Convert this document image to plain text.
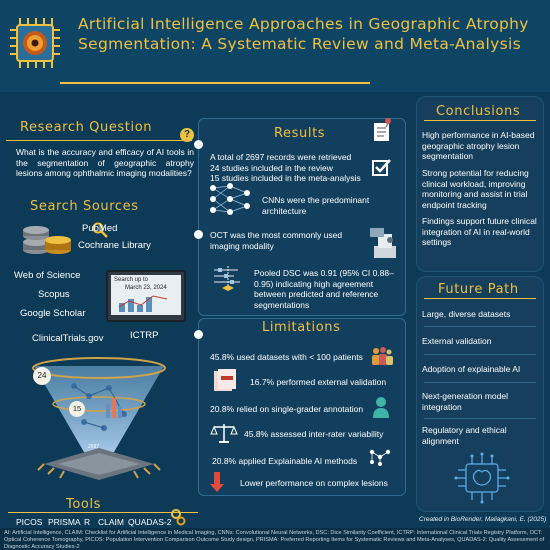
Artificial Intelligence Approaches in Geographic Atrophy Segmentation: A Systematic Review and Meta-Analysis
Research Question	?
What is the accuracy and efficacy of AI tools in the segmentation of geographic atrophy lesions among ophthalmic imaging modalities?
Search Sources
PubMed
Cochrane Library
Web of Science
Scopus
Google Scholar
ClinicalTrials.gov	ICTRP
Search up to
March 23, 2024
24
15
2697
Tools
PICOS PRISMA R CLAIM QUADAS-2
Results
A total of 2697 records were retrieved
24 studies included in the review
15 studies included in the meta-analysis
CNNs were the predominant architecture
OCT was the most commonly used imaging modality
Pooled DSC was 0.91 (95% CI 0.88–0.95) indicating high agreement between predicted and reference segmentations
Limitations
45.8% used datasets with < 100 patients
16.7% performed external validation
20.8% relied on single-grader annotation
45.8% assessed inter-rater variability
20.8% applied Explainable AI methods
Lower performance on complex lesions
Conclusions
High performance in AI-based geographic atrophy lesion segmentation
Strong potential for reducing clinical workload, improving monitoring and assist in trial endpoint tracking
Findings support future clinical integration of AI in real-world settings
Future Path
Large, diverse datasets
External validation
Adoption of explainable AI
Next-generation model integration
Regulatory and ethical alignment
Created in BioRender. Maliagkani, E. (2025)
AI: Artificial Intelligence, CLAIM: Checklist for Artificial Intelligence in Medical Imaging, CNNs: Convolutional Neural Networks, DSC: Dice Similarity Coefficient, ICTRP: International Clinical Trials Registry Platform, OCT: Optical Coherence Tomography, PICOS: Population Intervention Comparison Outcome Study design, PRISMA: Preferred Reporting Items for Systematic Reviews and Meta-Analyses, QUADAS-2: Quality Assessment of Diagnostic Accuracy Studies-2
